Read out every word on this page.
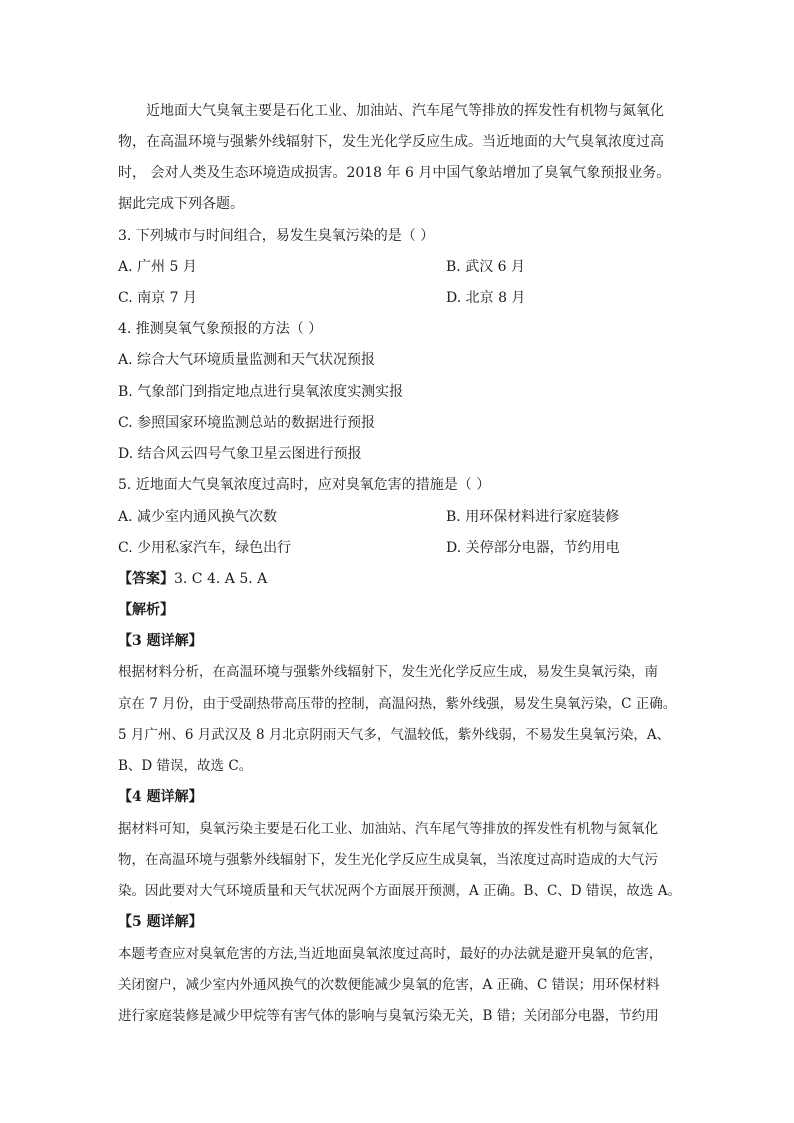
近地面大气臭氧主要是石化工业、加油站、汽车尾气等排放的挥发性有机物与氮氧化
物，在高温环境与强紫外线辐射下，发生光化学反应生成。当近地面的大气臭氧浓度过高
时， 会对人类及生态环境造成损害。2018 年 6 月中国气象站增加了臭氧气象预报业务。
据此完成下列各题。
3. 下列城市与时间组合，易发生臭氧污染的是（ ）
A. 广州 5 月	B. 武汉 6 月
C. 南京 7 月	D. 北京 8 月
4. 推测臭氧气象预报的方法（ ）
A. 综合大气环境质量监测和天气状况预报
B. 气象部门到指定地点进行臭氧浓度实测实报
C. 参照国家环境监测总站的数据进行预报
D. 结合风云四号气象卫星云图进行预报
5. 近地面大气臭氧浓度过高时，应对臭氧危害的措施是（ ）
A. 减少室内通风换气次数	B. 用环保材料进行家庭装修
C. 少用私家汽车，绿色出行	D. 关停部分电器，节约用电
【答案】3. C 4. A 5. A
【解析】
【3 题详解】
根据材料分析，在高温环境与强紫外线辐射下，发生光化学反应生成，易发生臭氧污染，南
京在 7 月份，由于受副热带高压带的控制，高温闷热，紫外线强，易发生臭氧污染，C 正确。
5 月广州、6 月武汉及 8 月北京阴雨天气多，气温较低，紫外线弱，不易发生臭氧污染，A、
B、D 错误，故选 C。
【4 题详解】
据材料可知，臭氧污染主要是石化工业、加油站、汽车尾气等排放的挥发性有机物与氮氧化
物，在高温环境与强紫外线辐射下，发生光化学反应生成臭氧，当浓度过高时造成的大气污
染。因此要对大气环境质量和天气状况两个方面展开预测，A 正确。B、C、D 错误，故选 A。
【5 题详解】
本题考查应对臭氧危害的方法,当近地面臭氧浓度过高时，最好的办法就是避开臭氧的危害，
关闭窗户，减少室内外通风换气的次数便能减少臭氧的危害，A 正确、C 错误；用环保材料
进行家庭装修是减少甲烷等有害气体的影响与臭氧污染无关，B 错；关闭部分电器，节约用
